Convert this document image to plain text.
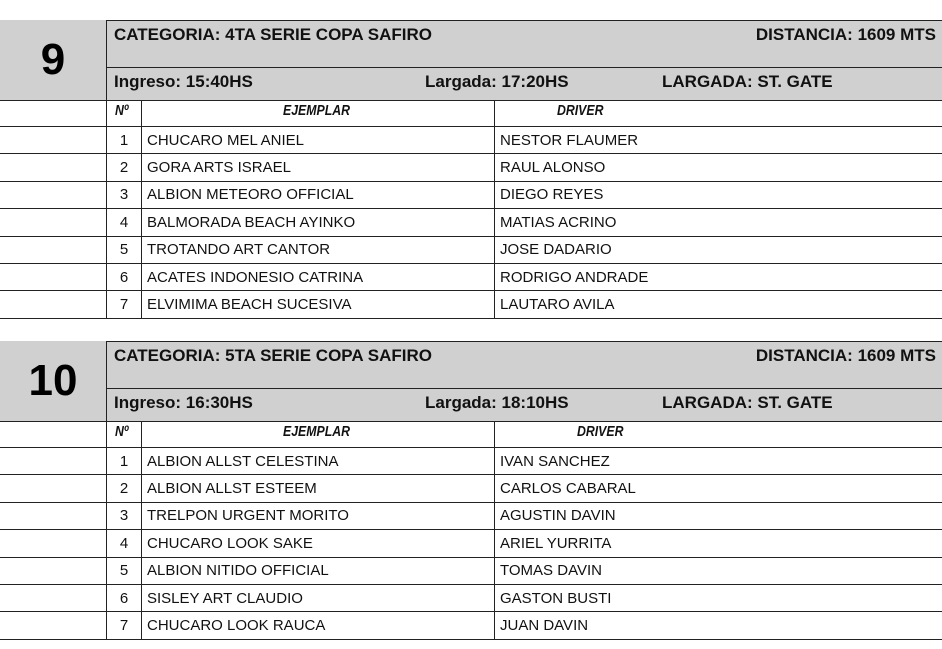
9
CATEGORIA: 4TA SERIE COPA SAFIRO	DISTANCIA: 1609 MTS
Ingreso: 15:40HS	Largada: 17:20HS	LARGADA: ST. GATE
Nº	EJEMPLAR	DRIVER
1	CHUCARO MEL ANIEL	NESTOR FLAUMER
2	GORA ARTS ISRAEL	RAUL ALONSO
3	ALBION METEORO OFFICIAL	DIEGO REYES
4	BALMORADA BEACH AYINKO	MATIAS ACRINO
5	TROTANDO ART CANTOR	JOSE DADARIO
6	ACATES INDONESIO CATRINA	RODRIGO ANDRADE
7	ELVIMIMA BEACH SUCESIVA	LAUTARO AVILA
10
CATEGORIA: 5TA SERIE COPA SAFIRO	DISTANCIA: 1609 MTS
Ingreso: 16:30HS	Largada: 18:10HS	LARGADA: ST. GATE
Nº	EJEMPLAR	DRIVER
1	ALBION ALLST CELESTINA	IVAN SANCHEZ
2	ALBION ALLST ESTEEM	CARLOS CABARAL
3	TRELPON URGENT MORITO	AGUSTIN DAVIN
4	CHUCARO LOOK SAKE	ARIEL YURRITA
5	ALBION NITIDO OFFICIAL	TOMAS DAVIN
6	SISLEY ART CLAUDIO	GASTON BUSTI
7	CHUCARO LOOK RAUCA	JUAN DAVIN
